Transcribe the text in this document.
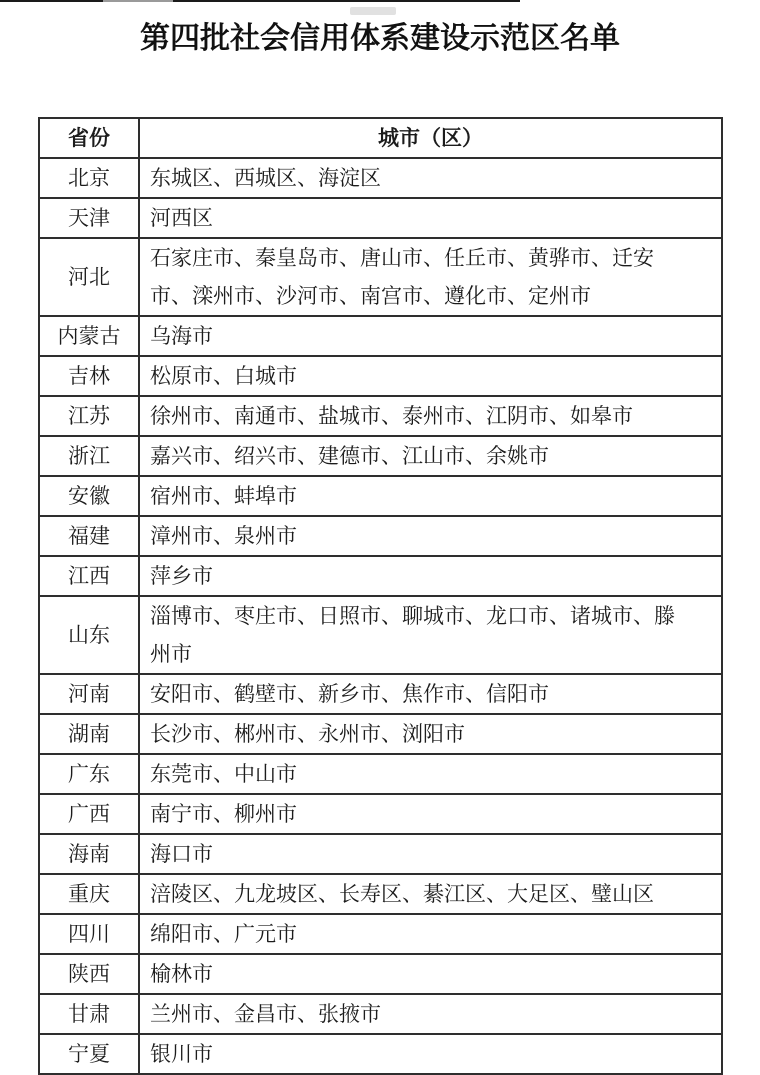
第四批社会信用体系建设示范区名单
省份	城市（区）
北京	东城区、西城区、海淀区
天津	河西区
河北	石家庄市、秦皇岛市、唐山市、任丘市、黄骅市、迁安市、滦州市、沙河市、南宫市、遵化市、定州市
内蒙古	乌海市
吉林	松原市、白城市
江苏	徐州市、南通市、盐城市、泰州市、江阴市、如皋市
浙江	嘉兴市、绍兴市、建德市、江山市、余姚市
安徽	宿州市、蚌埠市
福建	漳州市、泉州市
江西	萍乡市
山东	淄博市、枣庄市、日照市、聊城市、龙口市、诸城市、滕州市
河南	安阳市、鹤壁市、新乡市、焦作市、信阳市
湖南	长沙市、郴州市、永州市、浏阳市
广东	东莞市、中山市
广西	南宁市、柳州市
海南	海口市
重庆	涪陵区、九龙坡区、长寿区、綦江区、大足区、璧山区
四川	绵阳市、广元市
陕西	榆林市
甘肃	兰州市、金昌市、张掖市
宁夏	银川市
